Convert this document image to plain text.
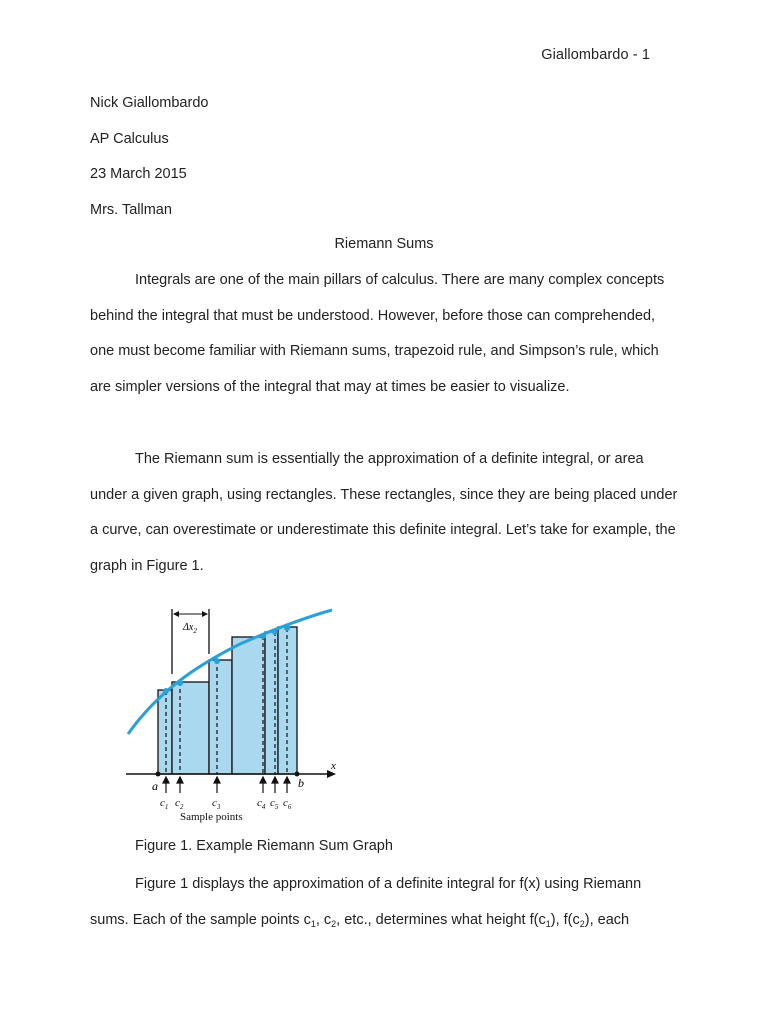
Giallombardo - 1
Nick Giallombardo
AP Calculus
23 March 2015
Mrs. Tallman
Riemann Sums
Integrals are one of the main pillars of calculus. There are many complex concepts behind the integral that must be understood. However, before those can comprehended, one must become familiar with Riemann sums, trapezoid rule, and Simpson’s rule, which are simpler versions of the integral that may at times be easier to visualize.
The Riemann sum is essentially the approximation of a definite integral, or area under a given graph, using rectangles. These rectangles, since they are being placed under a curve, can overestimate or underestimate this definite integral. Let’s take for example, the graph in Figure 1.
x
$\Delta x_2$
a	b
$c_1$ $c_2$	$c_3$	$c_4$ $c_5$ $c_6$
Sample points
Figure 1. Example Riemann Sum Graph
Figure 1 displays the approximation of a definite integral for f(x) using Riemann sums. Each of the sample points $c_1$, $c_2$, etc., determines what height $f(c_1)$, $f(c_2)$, each
